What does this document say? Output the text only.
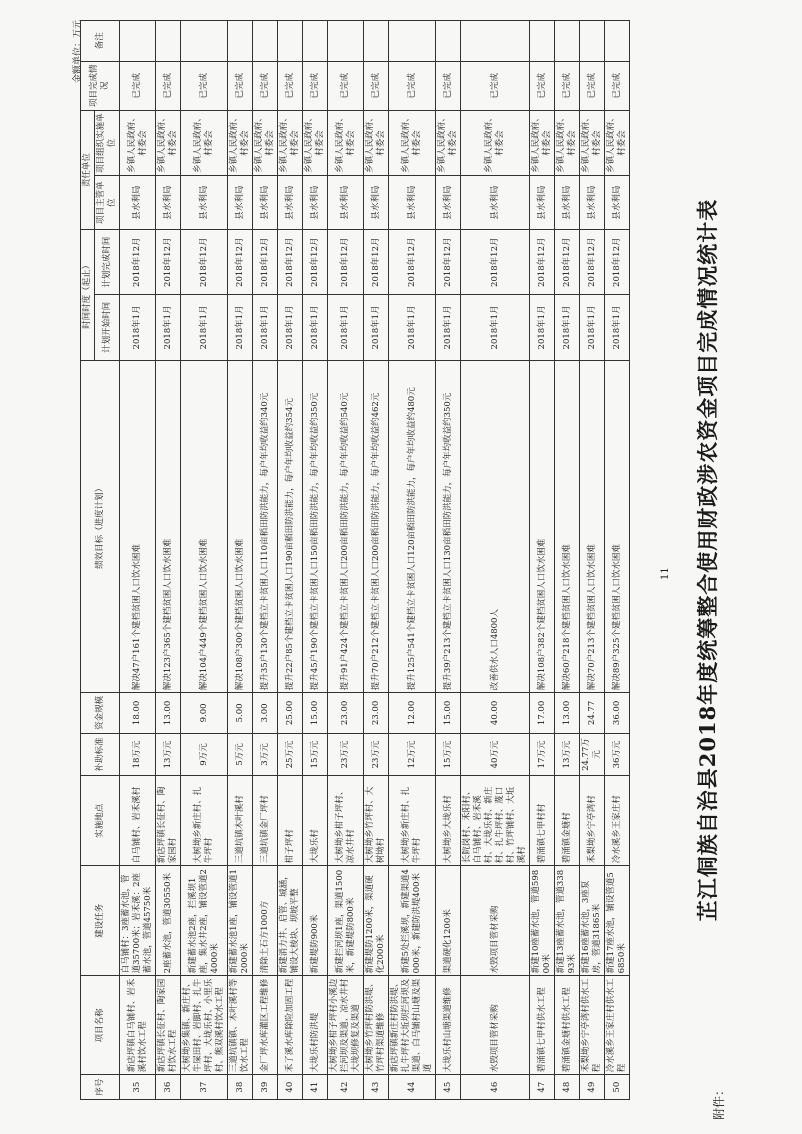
附件：
芷江侗族自治县2018年度统筹整合使用财政涉农资金项目完成情况统计表
金额单位：万元
11
序号	项目名称	建设任务	实施地点	补助标准	资金规模	绩效目标（进度计划）	时间时度（起止）		责任单位		项目完成情况	备注
							计划开始时间	计划完成时间	项目主管单位	项目组织实施单位		
35	新店坪镇白马铺村、岩禾溪村饮水工程	白马铺村：3座蓄水池，管道35700米；岩禾溪：2座蓄水池，管道45750米	白马铺村、岩禾溪村	18万元	18.00	解决47户161个建档贫困人口饮水困难	2018年1月	2018年12月	县水利局	乡镇人民政府、村委会	已完成	
36	新店坪镇长征村、陶家园村饮水工程	2座蓄水池，管道30550米	新店坪镇长征村、陶家园村	13万元	13.00	解决123户365个建档贫困人口饮水困难	2018年1月	2018年12月	县水利局	乡镇人民政府、村委会	已完成	
37	大树坳乡集镇、新庄村、牛屎田村、岩脚村、扎牛坪村、大垅乐村、小里乐村、熊双溪村饮水工程	新建蓄水池2座，拦溪坝1座，集水井2座，铺设管道24000米	大树坳乡新庄村、扎牛坪村	9万元	9.00	解决104户449个建档贫困人口饮水困难	2018年1月	2018年12月	县水利局	乡镇人民政府、村委会	已完成	
38	三道坑镇镇、木叶溪村等饮水工程	新建蓄水池1座，铺设管道12000米	三道坑镇木叶溪村	5万元	5.00	解决108户300个建档贫困人口饮水困难	2018年1月	2018年12月	县水利局	乡镇人民政府、村委会	已完成	
39	金厂坪水库灌区工程维修	清除土石方1000方	三道坑镇金厂坪村	3万元	3.00	提升35户130个建档立卡贫困人口110亩稻田防洪能力，每户年均收益约340元	2018年1月	2018年12月	县水利局	乡镇人民政府、村委会	已完成	
40	禾了溪水库除险加固工程	新建消力井、启管、城涵，铺设大棱块、坝坡平整	柑子坪村	25万元	25.00	提升22户85个建档立卡贫困人口190亩稻田防洪能力，每户年均收益约354元	2018年1月	2018年12月	县水利局	乡镇人民政府、村委会	已完成	
41	大垅乐村防洪堤	新建堤防900米	大垅乐村	15万元	15.00	提升45户190个建档立卡贫困人口150亩稻田防洪能力，每户年均收益约350元	2018年1月	2018年12月	县水利局	乡镇人民政府、村委会	已完成	
42	大树坳乡柑子坪村小溪边拦河坝及渠道、凉水井村大垅坝修复及渠道	新建拦河坝1座，渠道1500米，新建堤防800米	大树坳乡柑子坪村、凉水井村	23万元	23.00	提升91户424个建档立卡贫困人口200亩稻田防洪能力，每户年均收益约540元	2018年1月	2018年12月	县水利局	乡镇人民政府、村委会	已完成	
43	大树坳乡竹坪村防洪堤、竹坪村渠道维修	新建堤防1200米，渠道硬化2000米	大树坳乡竹坪村、大树坳村	23万元	23.00	提升70户212个建档立卡贫困人口200亩稻田防洪能力，每户年均收益约462元	2018年1月	2018年12月	县水利局	乡镇人民政府、村委会	已完成	
44	新店坪镇新庄村防洪堤、扎牛坪村大坵坝拦河坝及渠道、白马铺村山塘及渠道	新建5处拦溪坝，新建渠道4000米，新建防洪堤400米	大树坳乡新庄村、扎牛坪村	12万元	12.00	提升125户541个建档立卡贫困人口120亩稻田防洪能力，每户年均收益约480元	2018年1月	2018年12月	县水利局	乡镇人民政府、村委会	已完成	
45	大垅乐村山塘渠道维修	渠道硬化1200米	大树坳乡大垅乐村	15万元	15.00	提升39户213个建档立卡贫困人口130亩稻田防洪能力，每户年均收益约350元	2018年1月	2018年12月	县水利局	乡镇人民政府、村委会	已完成	
46	水毁项目管材采购	水毁项目管材采购	长院岗村、禾阳村、白马铺村、岩禾溪村、大垅乐村、新庄村、扎牛坪村、蔑口村、竹坪铺村、大坵溪村	40万元	40.00	改善供水人口4800人	2018年1月	2018年12月	县水利局	乡镇人民政府、村委会	已完成	
47	碧涌镇七甲村供水工程	新建10座蓄水池，管道59800米	碧涌镇七甲村村	17万元	17.00	解决108户382个建档贫困人口饮水困难	2018年1月	2018年12月	县水利局	乡镇人民政府、村委会	已完成	
48	碧涌镇金塘村供水工程	新建13座蓄水池，管道33893米	碧涌镇金塘村	13万元	13.00	解决60户218个建档贫困人口饮水困难	2018年1月	2018年12月	县水利局	乡镇人民政府、村委会	已完成	
49	禾梨坳乡宁亭湾村供水工程	新建16座蓄水池，3座泵房，管道31865米	禾梨坳乡宁亭湾村	24.77万元	24.77	解决70户213个建档贫困人口饮水困难	2018年1月	2018年12月	县水利局	乡镇人民政府、村委会	已完成	
50	冷水溪乡王家庄村供水工程	新建17座水池，铺设管道56850米	冷水溪乡王家庄村	36万元	36.00	解决89户325个建档贫困人口饮水困难	2018年1月	2018年12月	县水利局	乡镇人民政府、村委会	已完成	
